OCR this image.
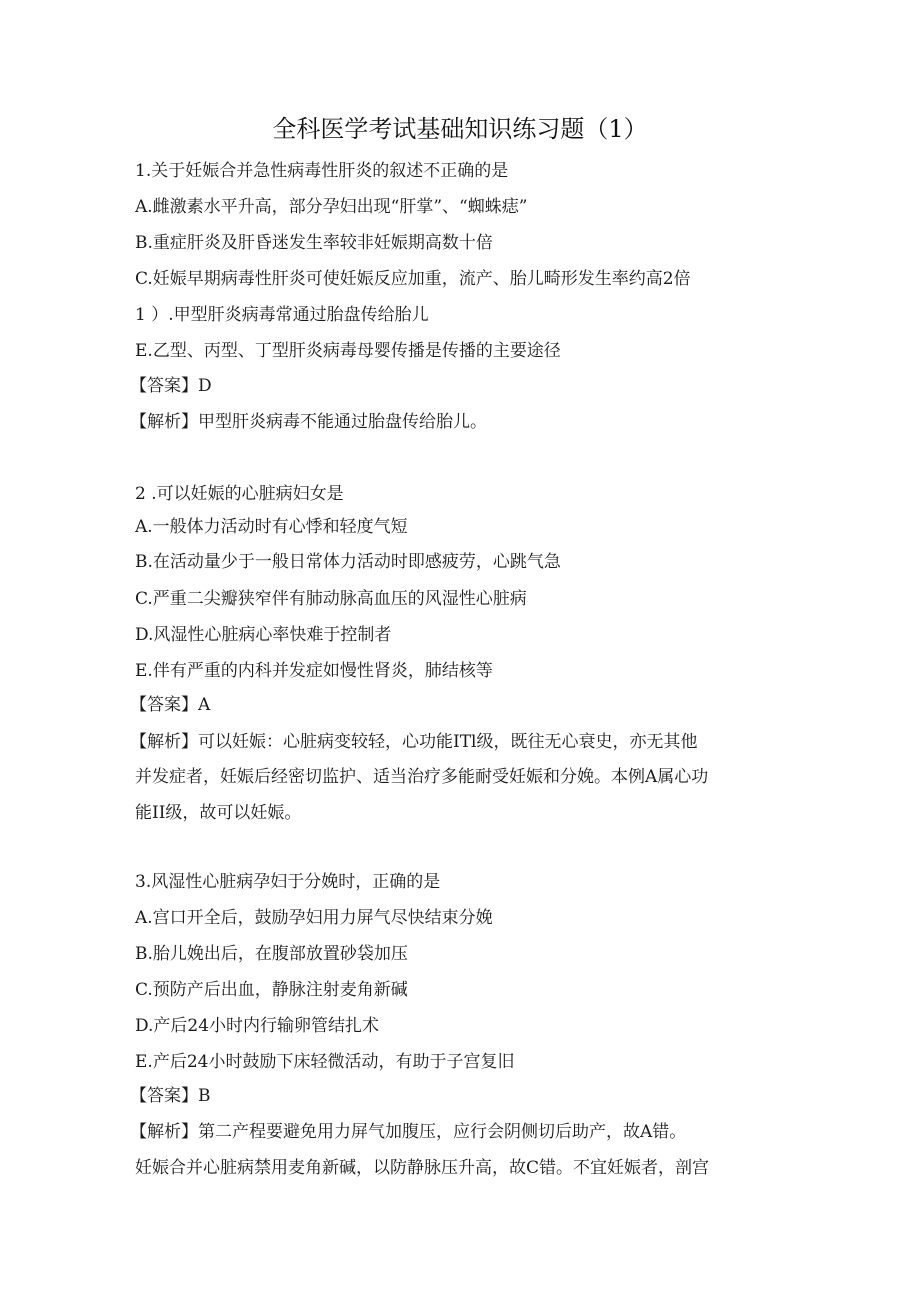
全科医学考试基础知识练习题（1）
1.关于妊娠合并急性病毒性肝炎的叙述不正确的是
A.雌激素水平升高，部分孕妇出现“肝掌”、“蜘蛛痣”
B.重症肝炎及肝昏迷发生率较非妊娠期高数十倍
C.妊娠早期病毒性肝炎可使妊娠反应加重，流产、胎儿畸形发生率约高2倍
1 ）.甲型肝炎病毒常通过胎盘传给胎儿
E.乙型、丙型、丁型肝炎病毒母婴传播是传播的主要途径
【答案】D
【解析】甲型肝炎病毒不能通过胎盘传给胎儿。
2 .可以妊娠的心脏病妇女是
A.一般体力活动时有心悸和轻度气短
B.在活动量少于一般日常体力活动时即感疲劳，心跳气急
C.严重二尖瓣狭窄伴有肺动脉高血压的风湿性心脏病
D.风湿性心脏病心率快难于控制者
E.伴有严重的内科并发症如慢性肾炎，肺结核等
【答案】A
【解析】可以妊娠：心脏病变较轻，心功能ITl级，既往无心衰史，亦无其他
并发症者，妊娠后经密切监护、适当治疗多能耐受妊娠和分娩。本例A属心功
能II级，故可以妊娠。
3.风湿性心脏病孕妇于分娩时，正确的是
A.宫口开全后，鼓励孕妇用力屏气尽快结束分娩
B.胎儿娩出后，在腹部放置砂袋加压
C.预防产后出血，静脉注射麦角新碱
D.产后24小时内行输卵管结扎术
E.产后24小时鼓励下床轻微活动，有助于子宫复旧
【答案】B
【解析】第二产程要避免用力屏气加腹压，应行会阴侧切后助产，故A错。
妊娠合并心脏病禁用麦角新碱，以防静脉压升高，故C错。不宜妊娠者，剖宫
